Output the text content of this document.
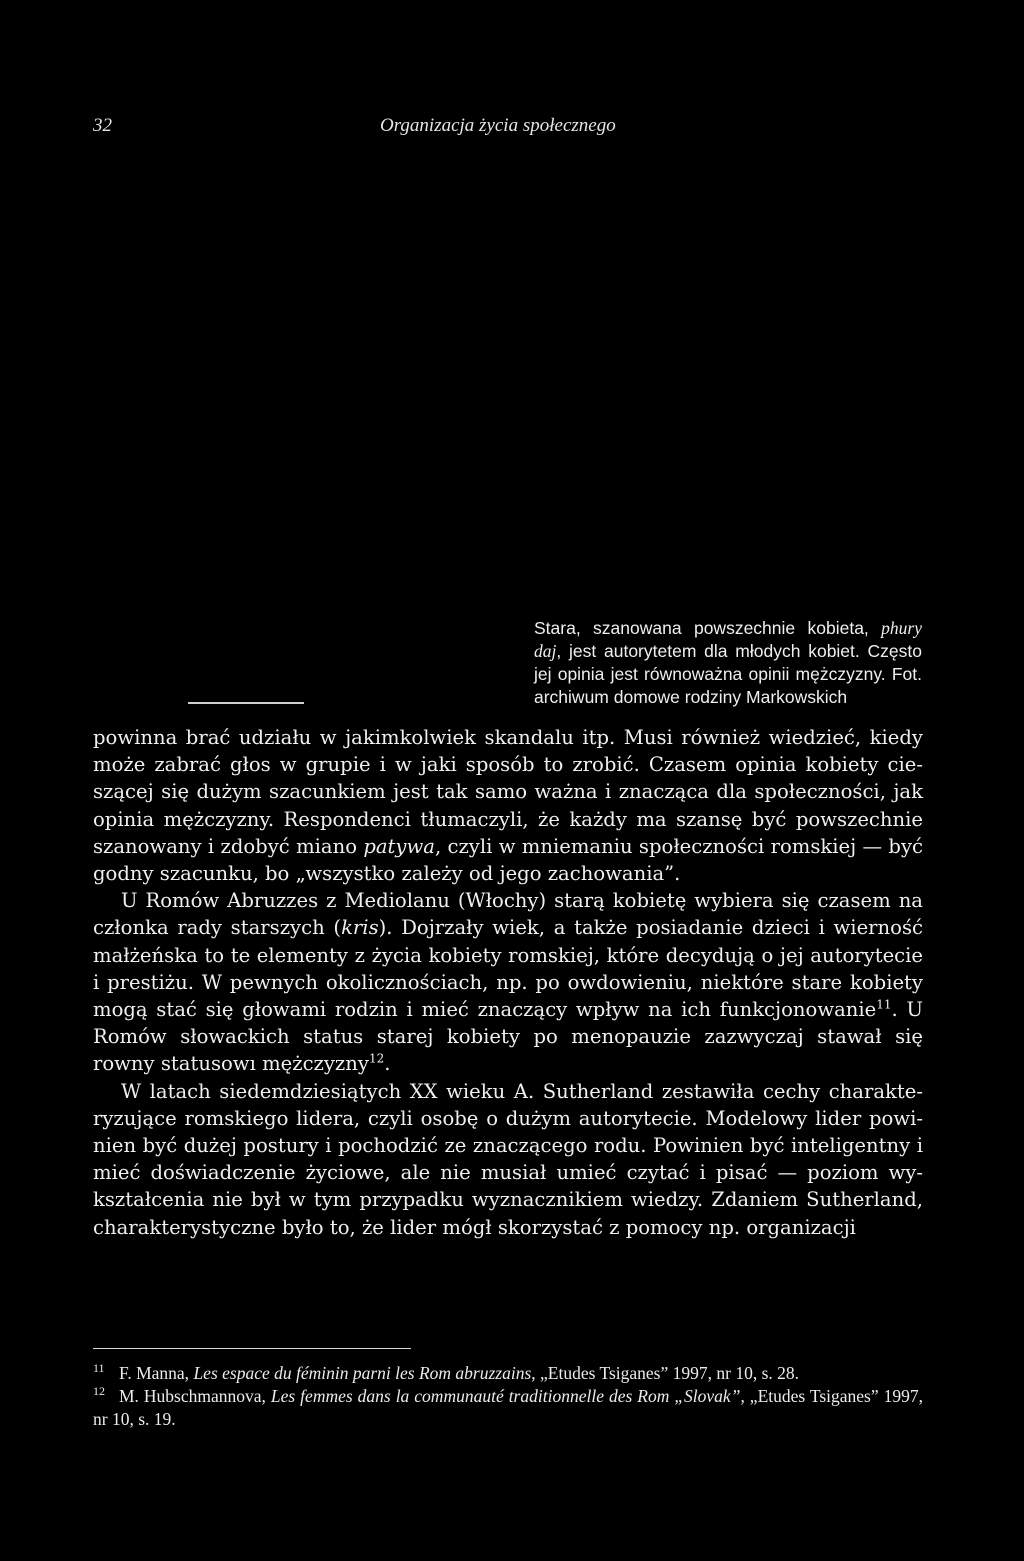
32	Organizacja życia społecznego
Stara, szanowana powszechnie kobieta, phury daj, jest autorytetem dla młodych kobiet. Często jej opinia jest równoważna opinii mężczyzny. Fot. archiwum domowe rodziny Markowskich

powinna brać udziału w jakimkolwiek skandalu itp. Musi również wiedzieć, kiedy może zabrać głos w grupie i w jaki sposób to zrobić. Czasem opinia kobiety cieszącej się dużym szacunkiem jest tak samo ważna i znacząca dla społeczności, jak opinia mężczyzny. Respondenci tłumaczyli, że każdy ma szansę być powszechnie szanowany i zdobyć miano patywa, czyli w mniemaniu społeczności romskiej — być godny szacunku, bo „wszystko zależy od jego zachowania”.

U Romów Abruzzes z Mediolanu (Włochy) starą kobietę wybiera się czasem na członka rady starszych (kris). Dojrzały wiek, a także posiadanie dzieci i wierność małżeńska to te elementy z życia kobiety romskiej, które decydują o jej autorytecie i prestiżu. W pewnych okolicznościach, np. po owdowieniu, niektóre stare kobiety mogą stać się głowami rodzin i mieć znaczący wpływ na ich funkcjonowanie$^{11}$. U Romów słowackich status starej kobiety po menopauzie zazwyczaj stawał się rowny statusowı mężczyzny$^{12}$.

W latach siedemdziesiątych XX wieku A. Sutherland zestawiła cechy charakteryzujące romskiego lidera, czyli osobę o dużym autorytecie. Modelowy lider powinien być dużej postury i pochodzić ze znaczącego rodu. Powinien być inteligentny i mieć doświadczenie życiowe, ale nie musiał umieć czytać i pisać — poziom wykształcenia nie był w tym przypadku wyznacznikiem wiedzy. Zdaniem Sutherland, charakterystyczne było to, że lider mógł skorzystać z pomocy np. organizacji

11 F. Manna, Les espace du féminin parni les Rom abruzzains, „Etudes Tsiganes” 1997, nr 10, s. 28.

12 M. Hubschmannova, Les femmes dans la communauté traditionnelle des Rom „Slovak”, „Etudes Tsiganes” 1997, nr 10, s. 19.
